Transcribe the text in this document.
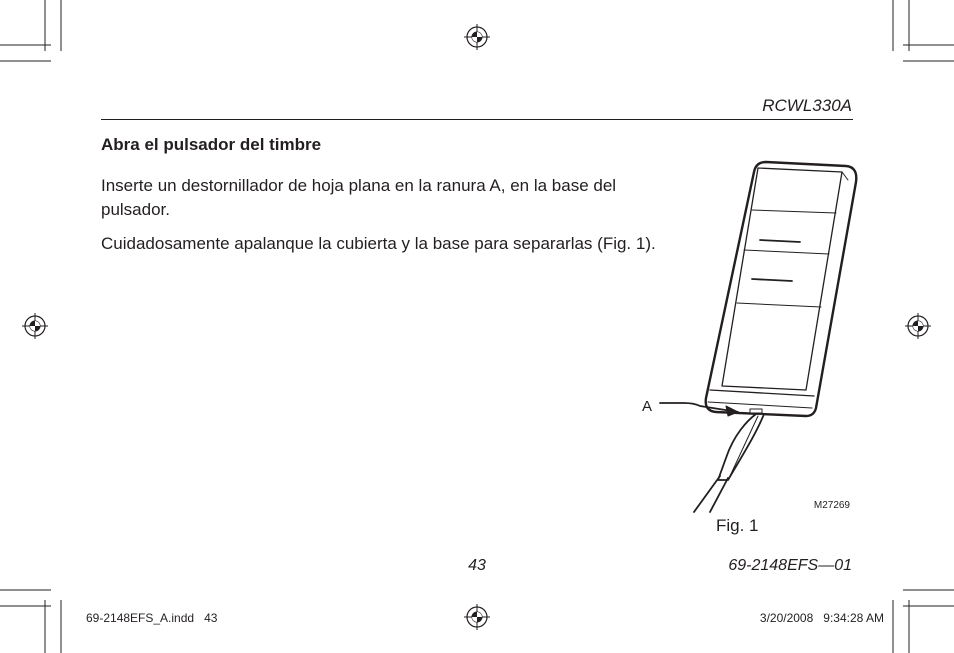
RCWL330A
Abra el pulsador del timbre
Inserte un destornillador de hoja plana en la ranura A, en la base del pulsador.
Cuidadosamente apalanque la cubierta y la base para separarlas (Fig. 1).
A
M27269
Fig. 1
43	69-2148EFS—01
69-2148EFS_A.indd   43	3/20/2008   9:34:28 AM
